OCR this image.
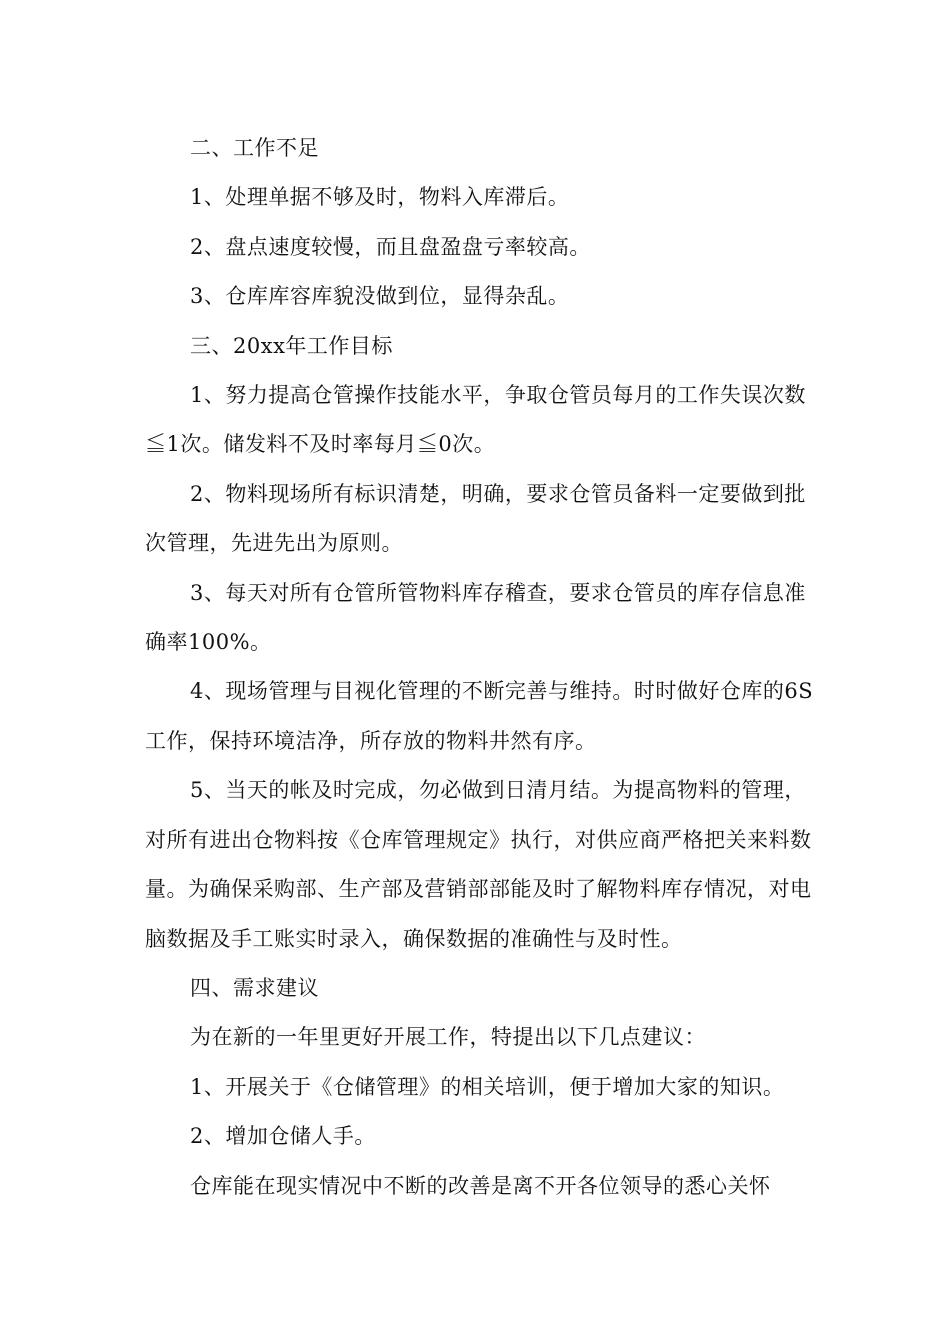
二、工作不足

1、处理单据不够及时，物料入库滞后。

2、盘点速度较慢，而且盘盈盘亏率较高。

3、仓库库容库貌没做到位，显得杂乱。

三、20xx年工作目标

1、努力提高仓管操作技能水平，争取仓管员每月的工作失误次数≦1次。储发料不及时率每月≦0次。

2、物料现场所有标识清楚，明确，要求仓管员备料一定要做到批次管理，先进先出为原则。

3、每天对所有仓管所管物料库存稽查，要求仓管员的库存信息准确率100%。

4、现场管理与目视化管理的不断完善与维持。时时做好仓库的6S工作，保持环境洁净，所存放的物料井然有序。

5、当天的帐及时完成，勿必做到日清月结。为提高物料的管理，对所有进出仓物料按《仓库管理规定》执行，对供应商严格把关来料数量。为确保采购部、生产部及营销部部能及时了解物料库存情况，对电脑数据及手工账实时录入，确保数据的准确性与及时性。

四、需求建议

为在新的一年里更好开展工作，特提出以下几点建议：

1、开展关于《仓储管理》的相关培训，便于增加大家的知识。

2、增加仓储人手。

仓库能在现实情况中不断的改善是离不开各位领导的悉心关怀
